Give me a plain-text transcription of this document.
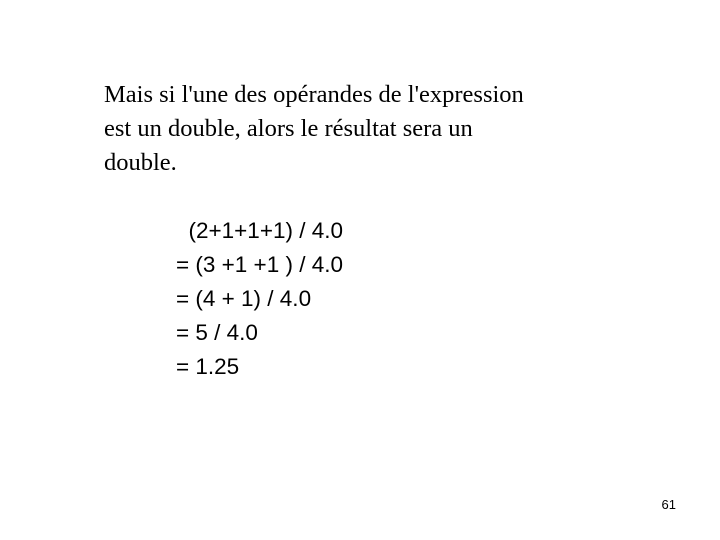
Mais si l'une des opérandes de l'expression
est un double, alors le résultat sera un
double.

(2+1+1+1) / 4.0
= (3 +1 +1 ) / 4.0
= (4 + 1) / 4.0
= 5 / 4.0
= 1.25
61
